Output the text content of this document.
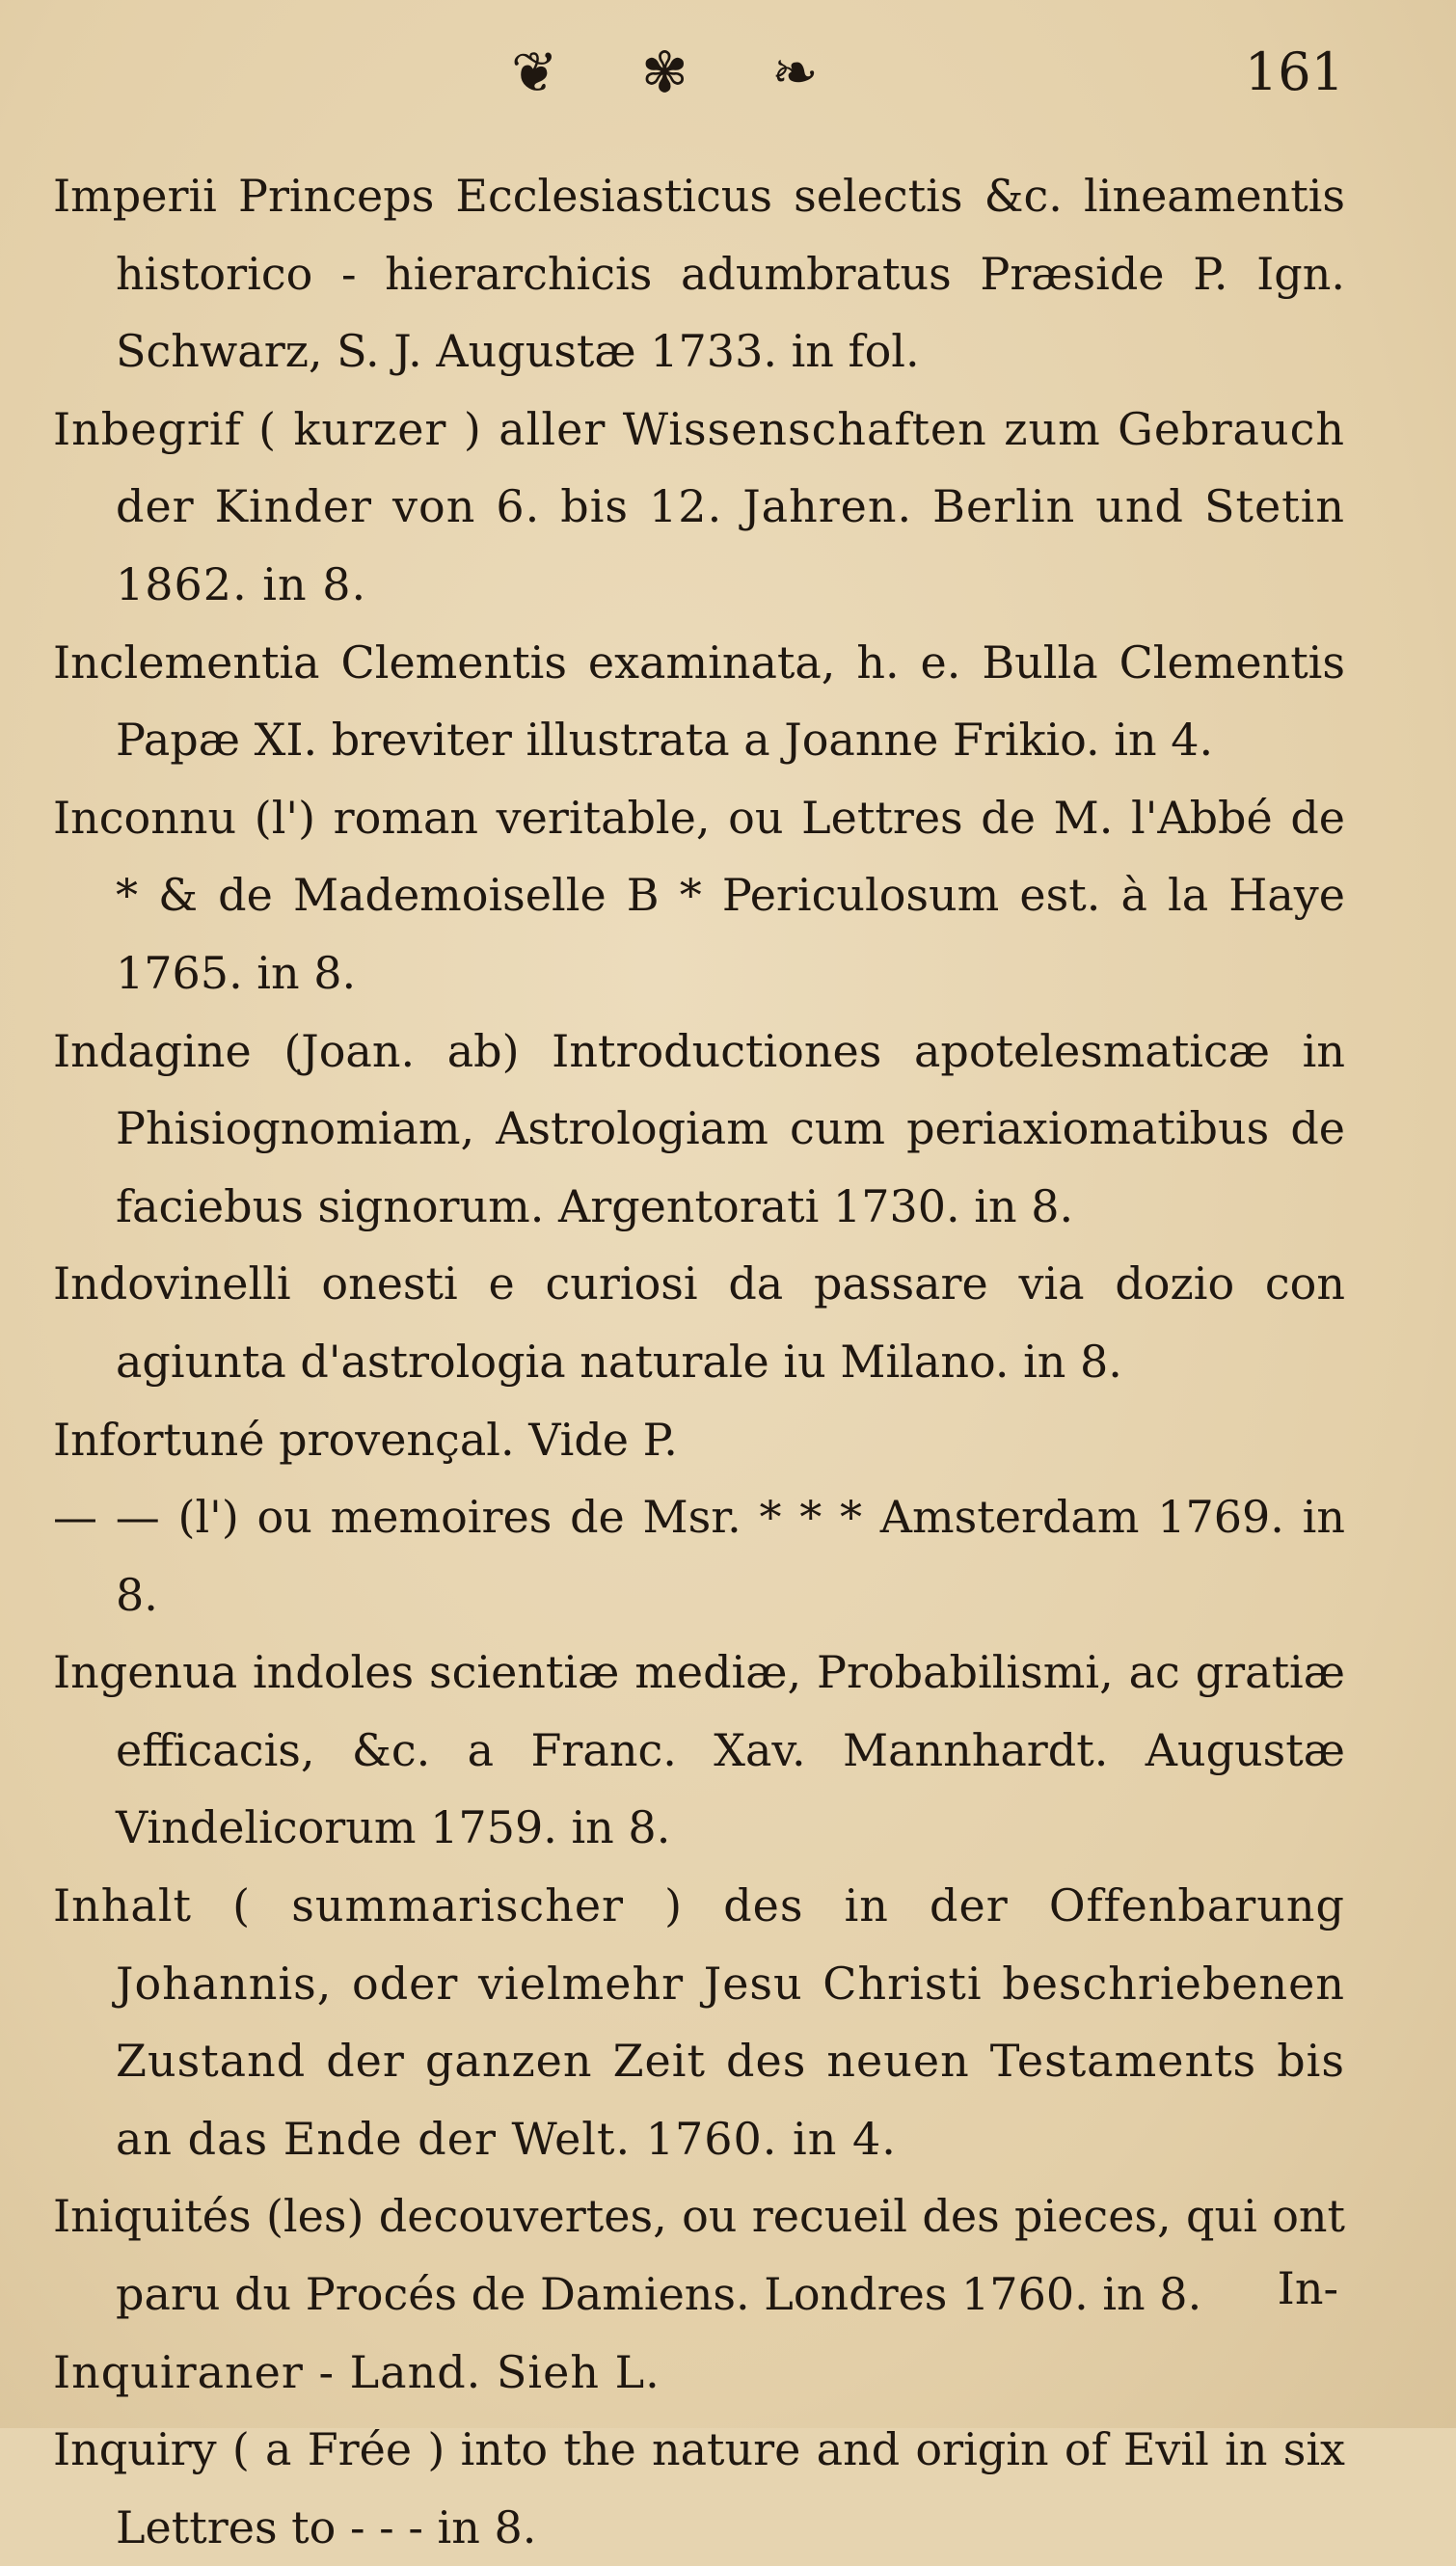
❦ ✾ ❧	161

Imperii Princeps Ecclesiasticus selectis &c. lineamentis historico - hierarchicis adumbratus Præside P. Ign. Schwarz, S. J. Augustæ 1733. in fol.

Inbegrif ( kurzer ) aller Wissenschaften zum Gebrauch der Kinder von 6. bis 12. Jahren. Berlin und Stetin 1862. in 8.

Inclementia Clementis examinata, h. e. Bulla Clementis Papæ XI. breviter illustrata a Joanne Frikio. in 4.

Inconnu (l') roman veritable, ou Lettres de M. l'Abbé de * & de Mademoiselle B * Periculosum est. à la Haye 1765. in 8.

Indagine (Joan. ab) Introductiones apotelesmaticæ in Phisiognomiam, Astrologiam cum periaxiomatibus de faciebus signorum. Argentorati 1730. in 8.

Indovinelli onesti e curiosi da passare via dozio con agiunta d'astrologia naturale iu Milano. in 8.

Infortuné provençal. Vide P.

— — (l') ou memoires de Msr. * * * Amsterdam 1769. in 8.

Ingenua indoles scientiæ mediæ, Probabilismi, ac gratiæ efficacis, &c. a Franc. Xav. Mannhardt. Augustæ Vindelicorum 1759. in 8.

Inhalt ( summarischer ) des in der Offenbarung Johannis, oder vielmehr Jesu Christi beschriebenen Zustand der ganzen Zeit des neuen Testaments bis an das Ende der Welt. 1760. in 4.

Iniquités (les) decouvertes, ou recueil des pieces, qui ont paru du Procés de Damiens. Londres 1760. in 8.

Inquiraner - Land. Sieh L.

Inquiry ( a Frée ) into the nature and origin of Evil in six Lettres to - - - in 8.

In-
